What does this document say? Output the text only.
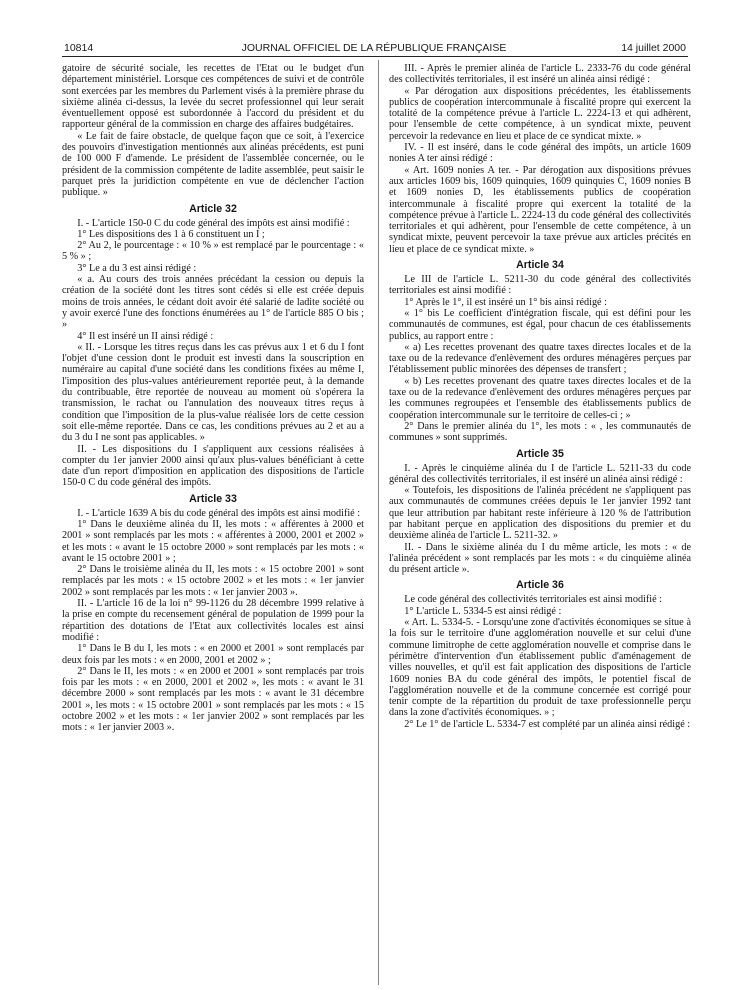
10814	JOURNAL OFFICIEL DE LA RÉPUBLIQUE FRANÇAISE	14 juillet 2000

gatoire de sécurité sociale, les recettes de l'Etat ou le budget d'un département ministériel. Lorsque ces compétences de suivi et de contrôle sont exercées par les membres du Parlement visés à la première phrase du sixième alinéa ci-dessus, la levée du secret professionnel qui leur serait éventuellement opposé est subordonnée à l'accord du président et du rapporteur général de la commission en charge des affaires budgétaires.

« Le fait de faire obstacle, de quelque façon que ce soit, à l'exercice des pouvoirs d'investigation mentionnés aux alinéas précédents, est puni de 100 000 F d'amende. Le président de l'assemblée concernée, ou le président de la commission compétente de ladite assemblée, peut saisir le parquet près la juridiction compétente en vue de déclencher l'action publique. »

Article 32

I. - L'article 150-0 C du code général des impôts est ainsi modifié :

1° Les dispositions des 1 à 6 constituent un I ;

2° Au 2, le pourcentage : « 10 % » est remplacé par le pourcentage : « 5 % » ;

3° Le a du 3 est ainsi rédigé :

« a. Au cours des trois années précédant la cession ou depuis la création de la société dont les titres sont cédés si elle est créée depuis moins de trois années, le cédant doit avoir été salarié de ladite société ou y avoir exercé l'une des fonctions énumérées au 1° de l'article 885 O bis ; »

4° Il est inséré un II ainsi rédigé :

« II. - Lorsque les titres reçus dans les cas prévus aux 1 et 6 du I font l'objet d'une cession dont le produit est investi dans la souscription en numéraire au capital d'une société dans les conditions fixées au même I, l'imposition des plus-values antérieurement reportée peut, à la demande du contribuable, être reportée de nouveau au moment où s'opérera la transmission, le rachat ou l'annulation des nouveaux titres reçus à condition que l'imposition de la plus-value réalisée lors de cette cession soit elle-même reportée. Dans ce cas, les conditions prévues au 2 et au a du 3 du I ne sont pas applicables. »

II. - Les dispositions du I s'appliquent aux cessions réalisées à compter du 1er janvier 2000 ainsi qu'aux plus-values bénéficiant à cette date d'un report d'imposition en application des dispositions de l'article 150-0 C du code général des impôts.

Article 33

I. - L'article 1639 A bis du code général des impôts est ainsi modifié :

1° Dans le deuxième alinéa du II, les mots : « afférentes à 2000 et 2001 » sont remplacés par les mots : « afférentes à 2000, 2001 et 2002 » et les mots : « avant le 15 octobre 2000 » sont remplacés par les mots : « avant le 15 octobre 2001 » ;

2° Dans le troisième alinéa du II, les mots : « 15 octobre 2001 » sont remplacés par les mots : « 15 octobre 2002 » et les mots : « 1er janvier 2002 » sont remplacés par les mots : « 1er janvier 2003 ».

II. - L'article 16 de la loi n° 99-1126 du 28 décembre 1999 relative à la prise en compte du recensement général de population de 1999 pour la répartition des dotations de l'Etat aux collectivités locales est ainsi modifié :

1° Dans le B du I, les mots : « en 2000 et 2001 » sont remplacés par deux fois par les mots : « en 2000, 2001 et 2002 » ;

2° Dans le II, les mots : « en 2000 et 2001 » sont remplacés par trois fois par les mots : « en 2000, 2001 et 2002 », les mots : « avant le 31 décembre 2000 » sont remplacés par les mots : « avant le 31 décembre 2001 », les mots : « 15 octobre 2001 » sont remplacés par les mots : « 15 octobre 2002 » et les mots : « 1er janvier 2002 » sont remplacés par les mots : « 1er janvier 2003 ».

III. - Après le premier alinéa de l'article L. 2333-76 du code général des collectivités territoriales, il est inséré un alinéa ainsi rédigé :

« Par dérogation aux dispositions précédentes, les établissements publics de coopération intercommunale à fiscalité propre qui exercent la totalité de la compétence prévue à l'article L. 2224-13 et qui adhèrent, pour l'ensemble de cette compétence, à un syndicat mixte, peuvent percevoir la redevance en lieu et place de ce syndicat mixte. »

IV. - Il est inséré, dans le code général des impôts, un article 1609 nonies A ter ainsi rédigé :

« Art. 1609 nonies A ter. - Par dérogation aux dispositions prévues aux articles 1609 bis, 1609 quinquies, 1609 quinquies C, 1609 nonies B et 1609 nonies D, les établissements publics de coopération intercommunale à fiscalité propre qui exercent la totalité de la compétence prévue à l'article L. 2224-13 du code général des collectivités territoriales et qui adhèrent, pour l'ensemble de cette compétence, à un syndicat mixte, peuvent percevoir la taxe prévue aux articles précités en lieu et place de ce syndicat mixte. »

Article 34

Le III de l'article L. 5211-30 du code général des collectivités territoriales est ainsi modifié :

1° Après le 1°, il est inséré un 1° bis ainsi rédigé :

« 1° bis Le coefficient d'intégration fiscale, qui est défini pour les communautés de communes, est égal, pour chacun de ces établissements publics, au rapport entre :

« a) Les recettes provenant des quatre taxes directes locales et de la taxe ou de la redevance d'enlèvement des ordures ménagères perçues par l'établissement public minorées des dépenses de transfert ;

« b) Les recettes provenant des quatre taxes directes locales et de la taxe ou de la redevance d'enlèvement des ordures ménagères perçues par les communes regroupées et l'ensemble des établissements publics de coopération intercommunale sur le territoire de celles-ci ; »

2° Dans le premier alinéa du 1°, les mots : « , les communautés de communes » sont supprimés.

Article 35

I. - Après le cinquième alinéa du I de l'article L. 5211-33 du code général des collectivités territoriales, il est inséré un alinéa ainsi rédigé :

« Toutefois, les dispositions de l'alinéa précédent ne s'appliquent pas aux communautés de communes créées depuis le 1er janvier 1992 tant que leur attribution par habitant reste inférieure à 120 % de l'attribution par habitant perçue en application des dispositions du premier et du deuxième alinéa de l'article L. 5211-32. »

II. - Dans le sixième alinéa du I du même article, les mots : « de l'alinéa précédent » sont remplacés par les mots : « du cinquième alinéa du présent article ».

Article 36

Le code général des collectivités territoriales est ainsi modifié :

1° L'article L. 5334-5 est ainsi rédigé :

« Art. L. 5334-5. - Lorsqu'une zone d'activités économiques se situe à la fois sur le territoire d'une agglomération nouvelle et sur celui d'une commune limitrophe de cette agglomération nouvelle et comprise dans le périmètre d'intervention d'un établissement public d'aménagement de villes nouvelles, et qu'il est fait application des dispositions de l'article 1609 nonies BA du code général des impôts, le potentiel fiscal de l'agglomération nouvelle et de la commune concernée est corrigé pour tenir compte de la répartition du produit de taxe professionnelle perçu dans la zone d'activités économiques. » ;

2° Le 1° de l'article L. 5334-7 est complété par un alinéa ainsi rédigé :
